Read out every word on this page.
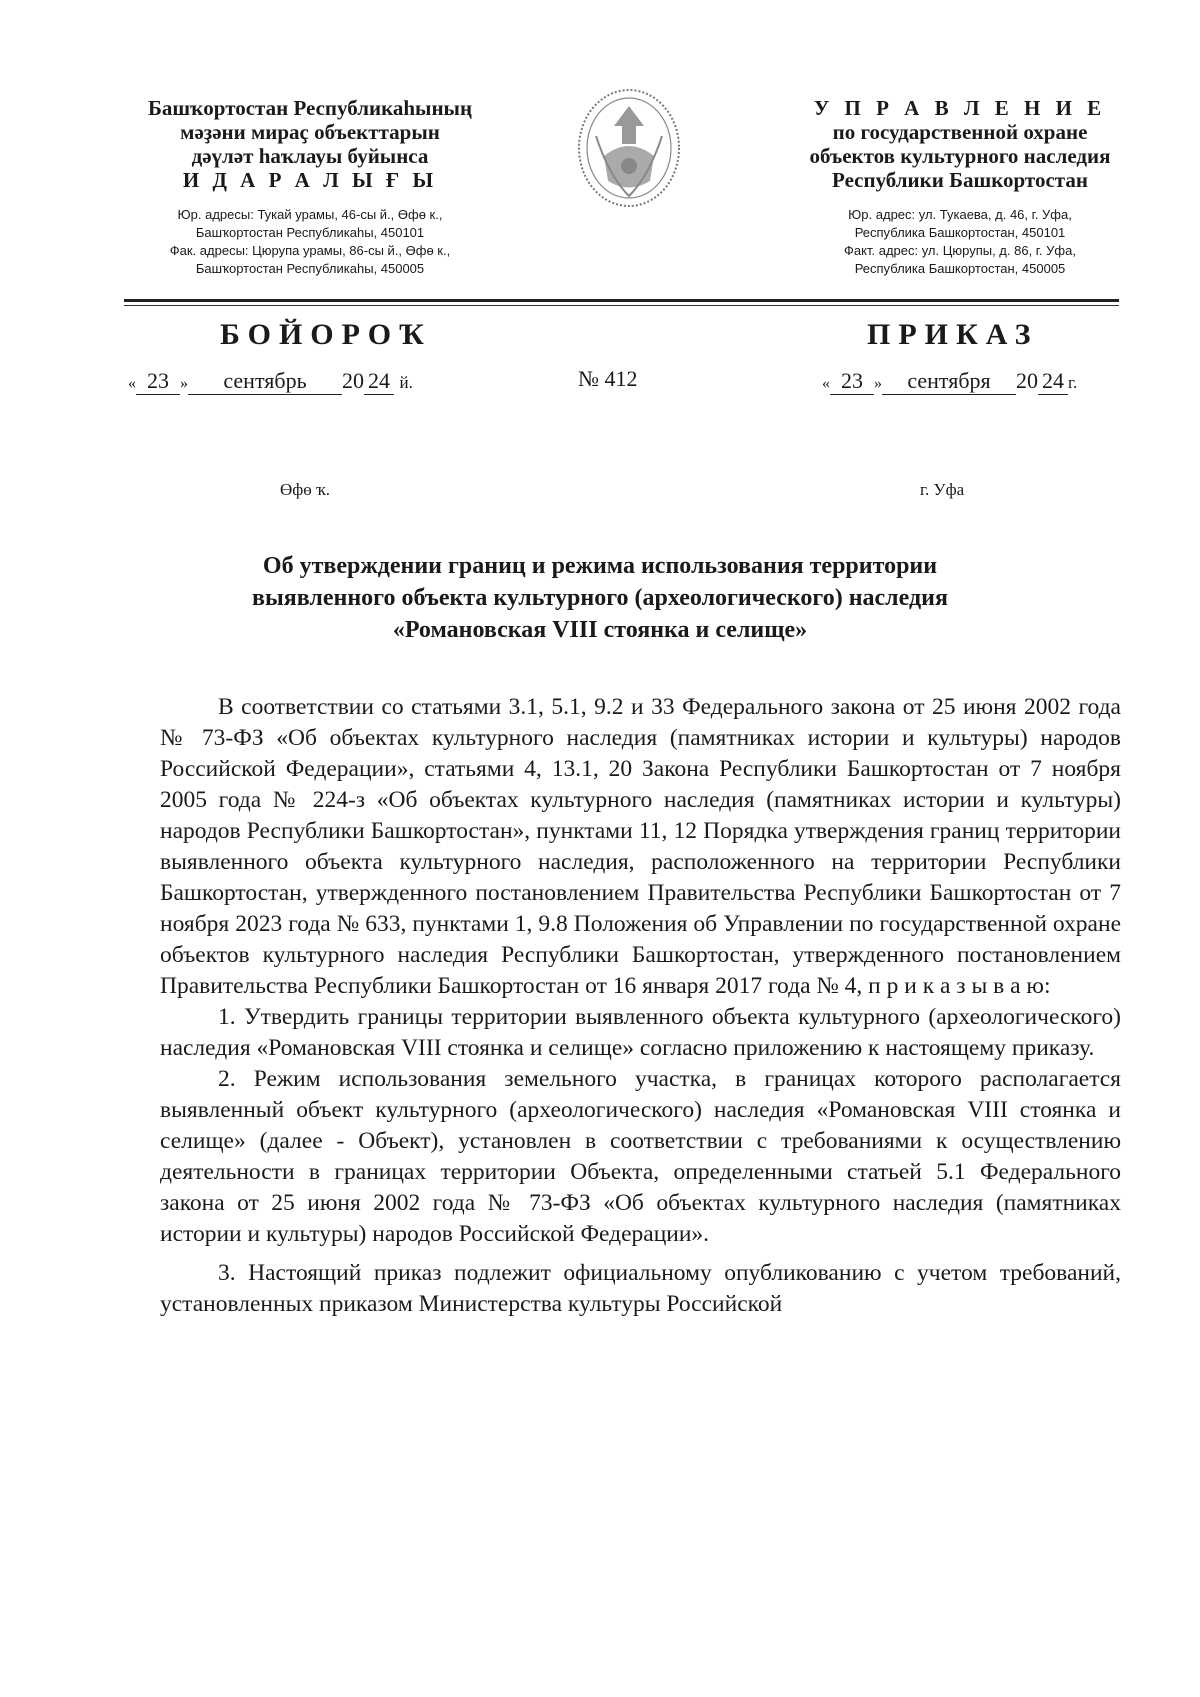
Башҡортостан Республикаһының
мәҙәни мираҫ объекттарын
дәүләт һаҡлауы буйынса
И Д А Р А Л Ы Ғ Ы
Юр. адресы: Тукай урамы, 46-сы й., Өфө к.,
Башҡортостан Республикаһы, 450101
Фак. адресы: Цюрупа урамы, 86-сы й., Өфө к.,
Башҡортостан Республикаһы, 450005
У П Р А В Л Е Н И Е
по государственной охране
объектов культурного наследия
Республики Башкортостан
Юр. адрес: ул. Тукаева, д. 46, г. Уфа,
Республика Башкортостан, 450101
Факт. адрес: ул. Цюрупы, д. 86, г. Уфа,
Республика Башкортостан, 450005
БОЙОРОҠ	ПРИКАЗ
« 23 » сентябрь 20 24 й.	№ 412	« 23 » сентября 20 24 г.
Өфө ҡ.	г. Уфа
Об утверждении границ и режима использования территории
выявленного объекта культурного (археологического) наследия
«Романовская VIII стоянка и селище»

В соответствии со статьями 3.1, 5.1, 9.2 и 33 Федерального закона от 25 июня 2002 года № 73-ФЗ «Об объектах культурного наследия (памятниках истории и культуры) народов Российской Федерации», статьями 4, 13.1, 20 Закона Республики Башкортостан от 7 ноября 2005 года № 224-з «Об объектах культурного наследия (памятниках истории и культуры) народов Республики Башкортостан», пунктами 11, 12 Порядка утверждения границ территории выявленного объекта культурного наследия, расположенного на территории Республики Башкортостан, утвержденного постановлением Правительства Республики Башкортостан от 7 ноября 2023 года № 633, пунктами 1, 9.8 Положения об Управлении по государственной охране объектов культурного наследия Республики Башкортостан, утвержденного постановлением Правительства Республики Башкортостан от 16 января 2017 года № 4, п р и к а з ы в а ю:

1. Утвердить границы территории выявленного объекта культурного (археологического) наследия «Романовская VIII стоянка и селище» согласно приложению к настоящему приказу.

2. Режим использования земельного участка, в границах которого располагается выявленный объект культурного (археологического) наследия «Романовская VIII стоянка и селище» (далее - Объект), установлен в соответствии с требованиями к осуществлению деятельности в границах территории Объекта, определенными статьей 5.1 Федерального закона от 25 июня 2002 года № 73-ФЗ «Об объектах культурного наследия (памятниках истории и культуры) народов Российской Федерации».

3. Настоящий приказ подлежит официальному опубликованию с учетом требований, установленных приказом Министерства культуры Российской
